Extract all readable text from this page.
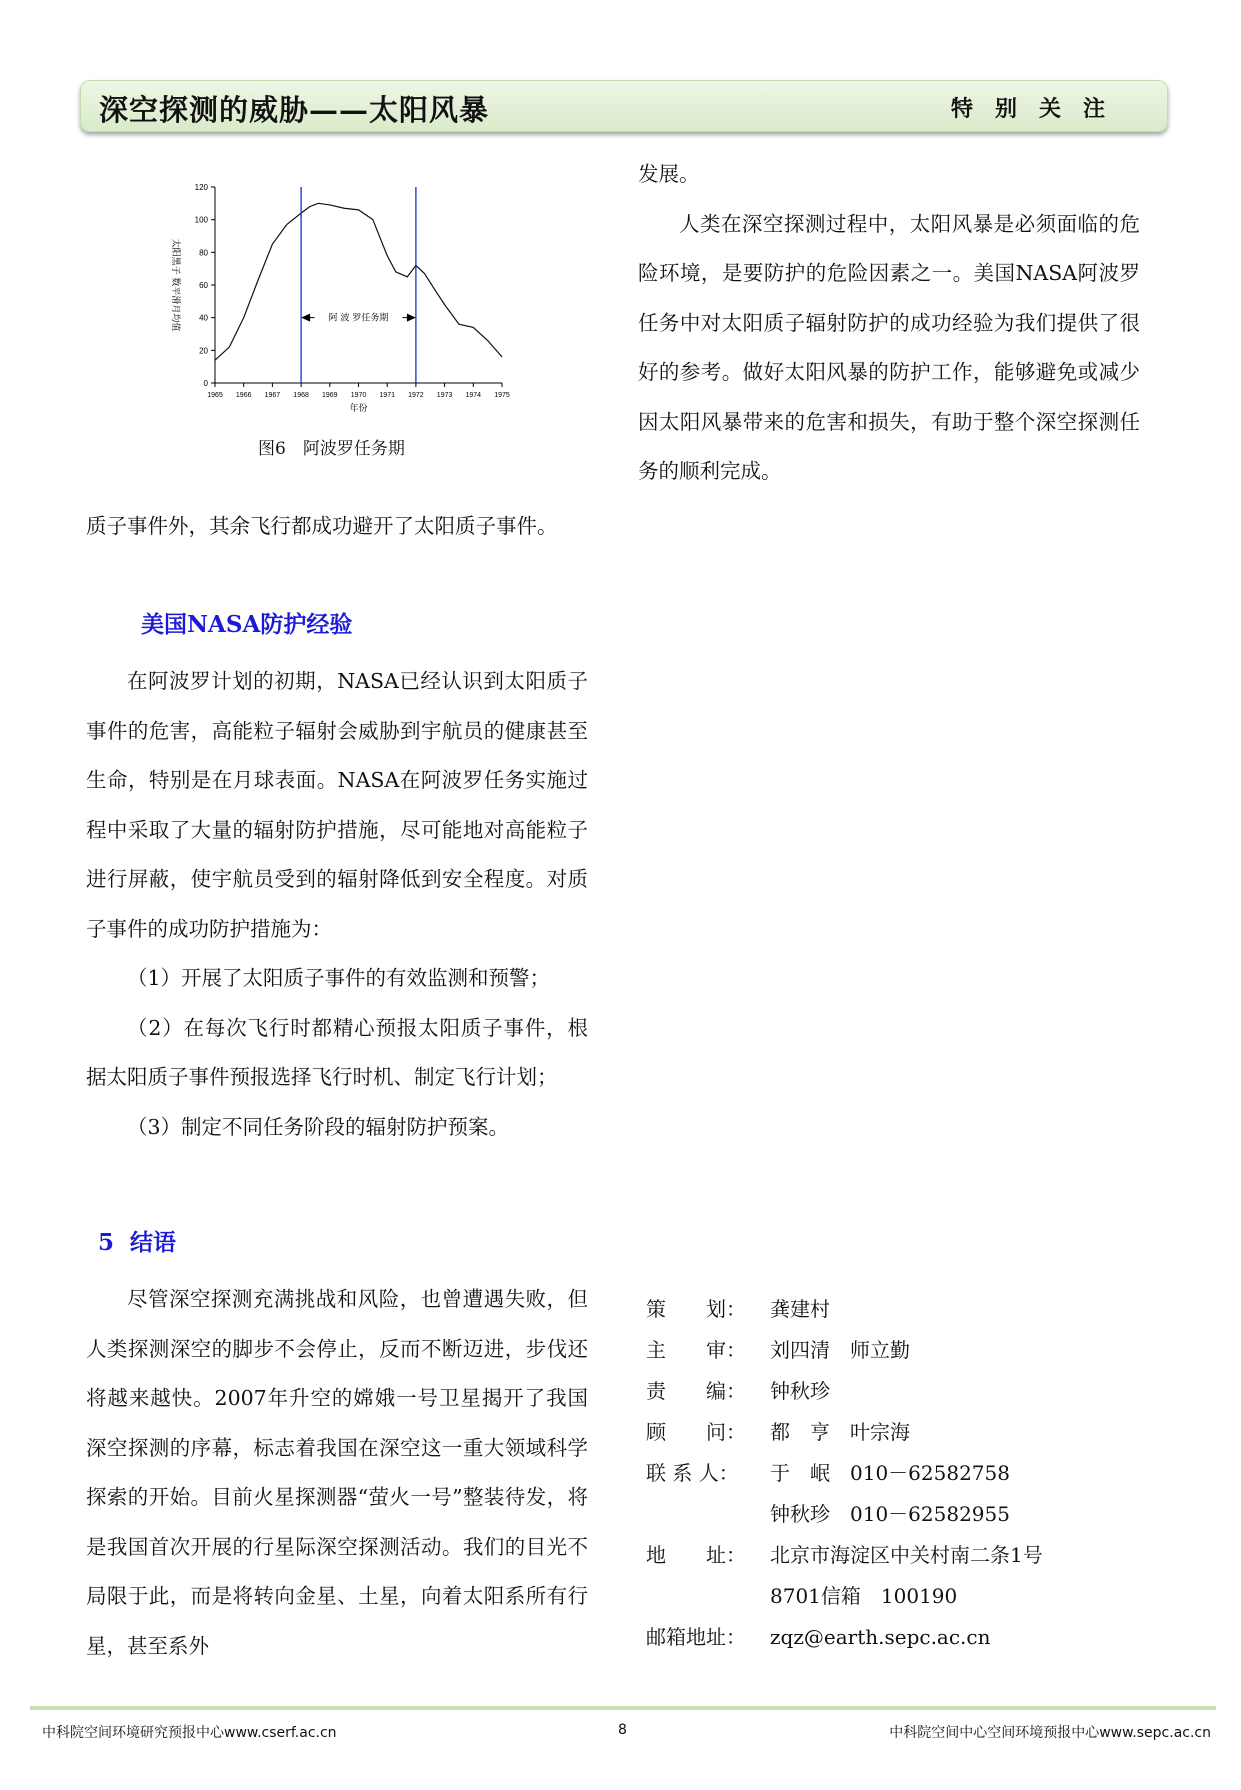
深空探测的威胁——太阳风暴	特别关注
0
20
40
60
80
100
120
1965 1966 1967 1968 1969 1970 1971 1972 1973 1974 1975
阿 波 罗任务期
年份
太阳黑子 数平滑月均值
图6　阿波罗任务期

质子事件外，其余飞行都成功避开了太阳质子事件。

美国NASA防护经验

在阿波罗计划的初期，NASA已经认识到太阳质子事件的危害，高能粒子辐射会威胁到宇航员的健康甚至生命，特别是在月球表面。NASA在阿波罗任务实施过程中采取了大量的辐射防护措施，尽可能地对高能粒子进行屏蔽，使宇航员受到的辐射降低到安全程度。对质子事件的成功防护措施为：

（1）开展了太阳质子事件的有效监测和预警；

（2）在每次飞行时都精心预报太阳质子事件，根据太阳质子事件预报选择飞行时机、制定飞行计划；

（3）制定不同任务阶段的辐射防护预案。

5  结语

尽管深空探测充满挑战和风险，也曾遭遇失败，但人类探测深空的脚步不会停止，反而不断迈进，步伐还将越来越快。2007年升空的嫦娥一号卫星揭开了我国深空探测的序幕，标志着我国在深空这一重大领域科学探索的开始。目前火星探测器“萤火一号”整装待发，将是我国首次开展的行星际深空探测活动。我们的目光不局限于此，而是将转向金星、土星，向着太阳系所有行星，甚至系外

发展。

人类在深空探测过程中，太阳风暴是必须面临的危险环境，是要防护的危险因素之一。美国NASA阿波罗任务中对太阳质子辐射防护的成功经验为我们提供了很好的参考。做好太阳风暴的防护工作，能够避免或减少因太阳风暴带来的危害和损失，有助于整个深空探测任务的顺利完成。

策　　划：	龚建村
主　　审：	刘四清　师立勤
责　　编：	钟秋珍
顾　　问：	都　亨　叶宗海
联 系 人：	于　岷　010－62582758
钟秋珍　010－62582955
地　　址：	北京市海淀区中关村南二条1号
8701信箱　100190
邮箱地址：	zqz@earth.sepc.ac.cn
中科院空间环境研究预报中心www.cserf.ac.cn	8	中科院空间中心空间环境预报中心www.sepc.ac.cn
